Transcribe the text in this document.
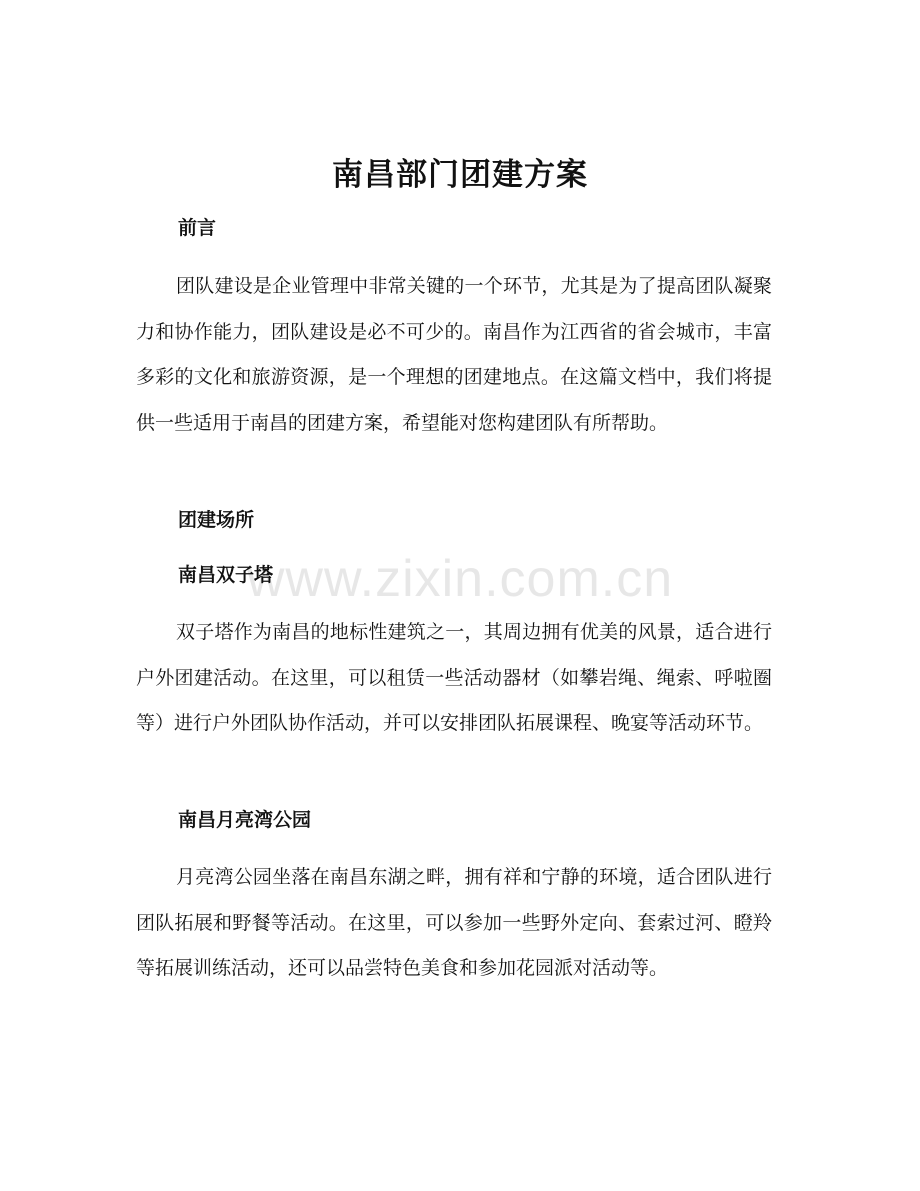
南昌部门团建方案
前言
团队建设是企业管理中非常关键的一个环节，尤其是为了提高团队凝聚力和协作能力，团队建设是必不可少的。南昌作为江西省的省会城市，丰富多彩的文化和旅游资源，是一个理想的团建地点。在这篇文档中，我们将提供一些适用于南昌的团建方案，希望能对您构建团队有所帮助。
团建场所
www.zixin.com.cn
南昌双子塔
双子塔作为南昌的地标性建筑之一，其周边拥有优美的风景，适合进行户外团建活动。在这里，可以租赁一些活动器材（如攀岩绳、绳索、呼啦圈等）进行户外团队协作活动，并可以安排团队拓展课程、晚宴等活动环节。
南昌月亮湾公园
月亮湾公园坐落在南昌东湖之畔，拥有祥和宁静的环境，适合团队进行团队拓展和野餐等活动。在这里，可以参加一些野外定向、套索过河、瞪羚等拓展训练活动，还可以品尝特色美食和参加花园派对活动等。
